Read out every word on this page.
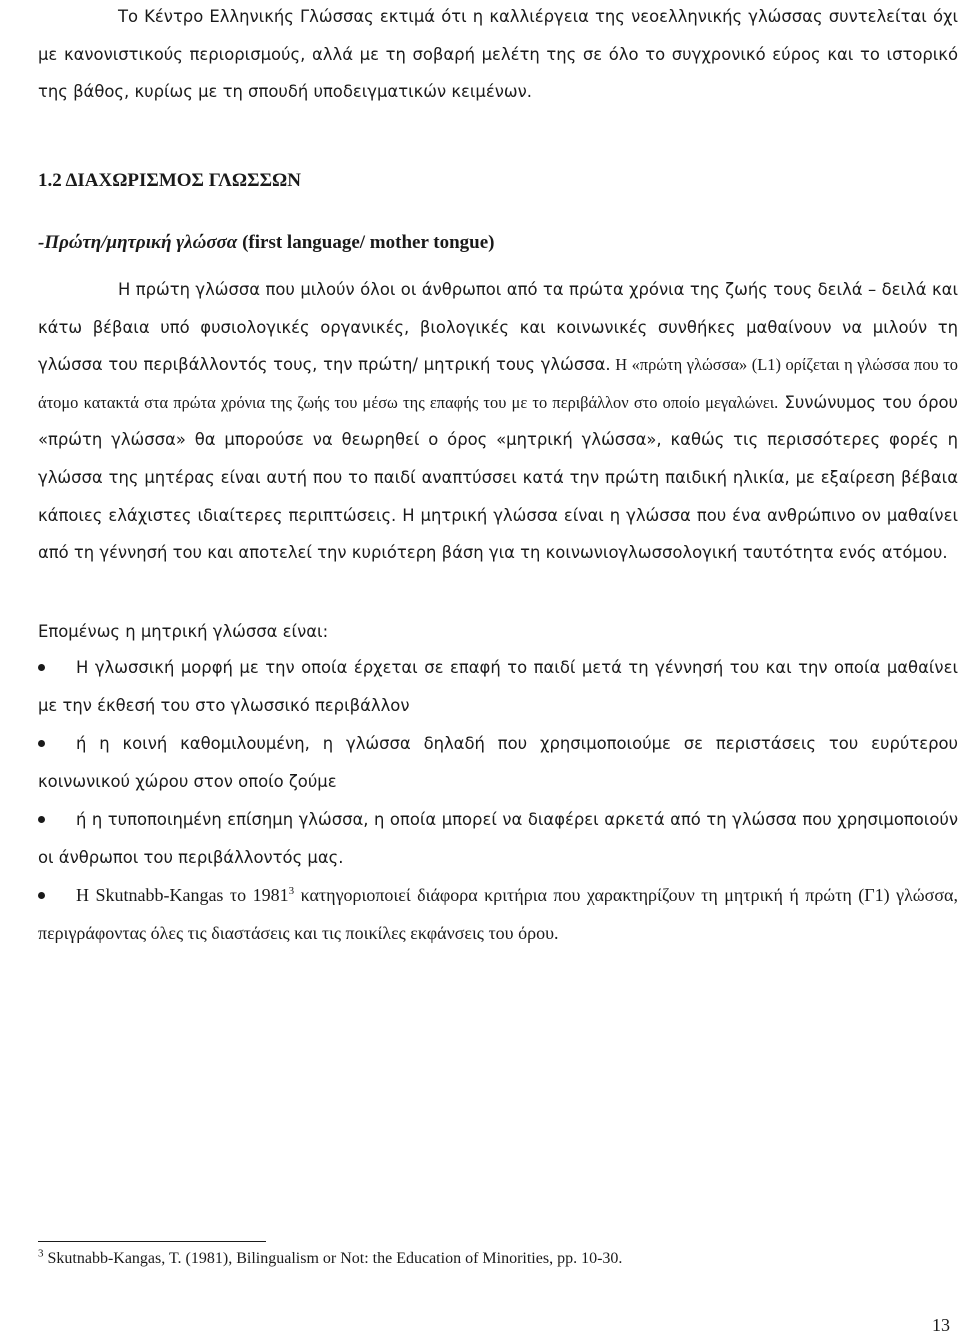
Το Κέντρο Ελληνικής Γλώσσας εκτιμά ότι η καλλιέργεια της νεοελληνικής γλώσσας συντελείται όχι με κανονιστικούς περιορισμούς, αλλά με τη σοβαρή μελέτη της σε όλο το συγχρονικό εύρος και το ιστορικό της βάθος, κυρίως με τη σπουδή υποδειγματικών κειμένων.

1.2 ΔΙΑΧΩΡΙΣΜΟΣ ΓΛΩΣΣΩΝ
-Πρώτη/μητρική γλώσσα (first language/ mother tongue)

Η πρώτη γλώσσα που μιλούν όλοι οι άνθρωποι από τα πρώτα χρόνια της ζωής τους δειλά – δειλά και κάτω βέβαια υπό φυσιολογικές οργανικές, βιολογικές και κοινωνικές συνθήκες μαθαίνουν να μιλούν τη γλώσσα του περιβάλλοντός τους, την πρώτη/ μητρική τους γλώσσα. Η «πρώτη γλώσσα» (L1) ορίζεται η γλώσσα που το άτομο κατακτά στα πρώτα χρόνια της ζωής του μέσω της επαφής του με το περιβάλλον στο οποίο μεγαλώνει. Συνώνυμος του όρου «πρώτη γλώσσα» θα μπορούσε να θεωρηθεί ο όρος «μητρική γλώσσα», καθώς τις περισσότερες φορές η γλώσσα της μητέρας είναι αυτή που το παιδί αναπτύσσει κατά την πρώτη παιδική ηλικία, με εξαίρεση βέβαια κάποιες ελάχιστες ιδιαίτερες περιπτώσεις. Η μητρική γλώσσα είναι η γλώσσα που ένα ανθρώπινο ον μαθαίνει από τη γέννησή του και αποτελεί την κυριότερη βάση για τη κοινωνιογλωσσολογική ταυτότητα ενός ατόμου.

Επομένως η μητρική γλώσσα είναι:

Η γλωσσική μορφή με την οποία έρχεται σε επαφή το παιδί μετά τη γέννησή του και την οποία μαθαίνει με την έκθεσή του στο γλωσσικό περιβάλλον
ή η κοινή καθομιλουμένη, η γλώσσα δηλαδή που χρησιμοποιούμε σε περιστάσεις του ευρύτερου κοινωνικού χώρου στον οποίο ζούμε
ή η τυποποιημένη επίσημη γλώσσα, η οποία μπορεί να διαφέρει αρκετά από τη γλώσσα που χρησιμοποιούν οι άνθρωποι του περιβάλλοντός μας.
Η Skutnabb-Kangas το 1981$^3$ κατηγοριοποιεί διάφορα κριτήρια που χαρακτηρίζουν τη μητρική ή πρώτη (Γ1) γλώσσα, περιγράφοντας όλες τις διαστάσεις και τις ποικίλες εκφάνσεις του όρου.

$^3$ Skutnabb-Kangas, T. (1981), Bilingualism or Not: the Education of Minorities, pp. 10-30.

13
